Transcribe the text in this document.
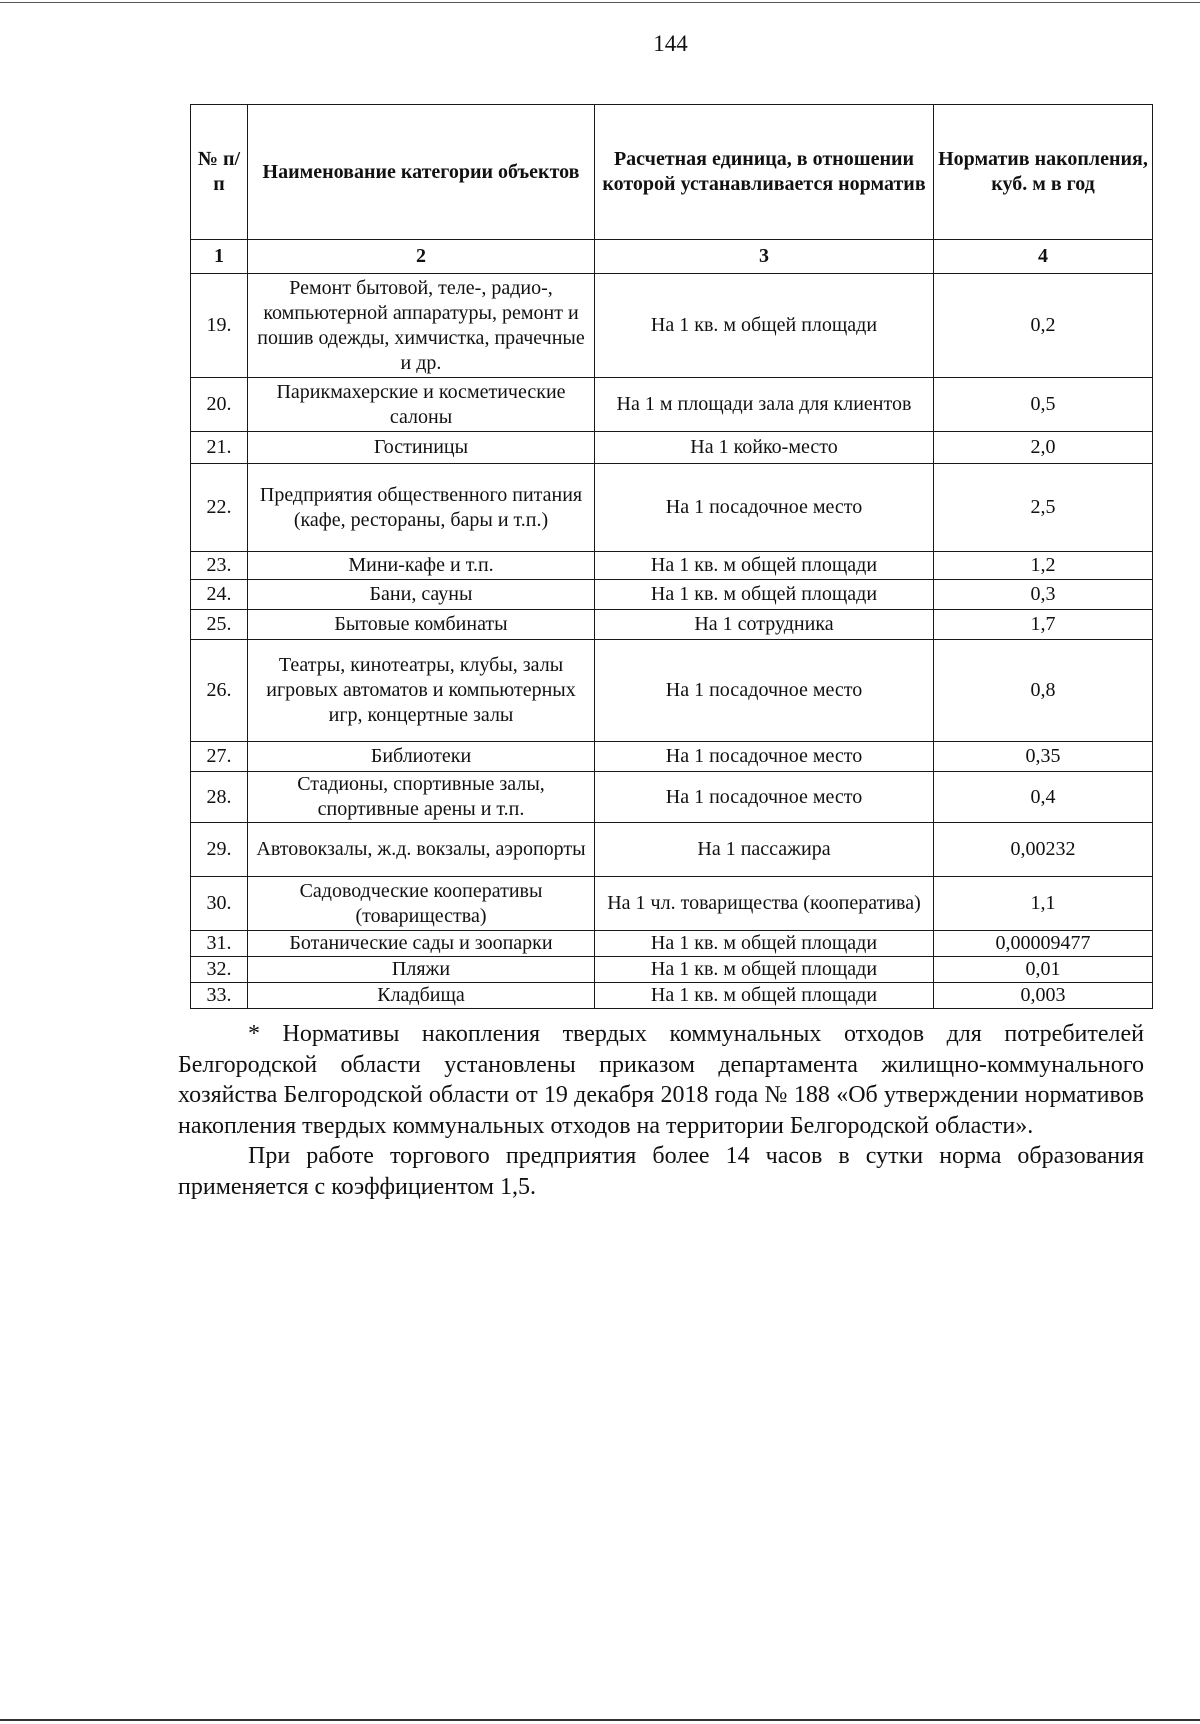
144
№ п/п	Наименование категории объектов	Расчетная единица, в отношении которой устанавливается норматив	Норматив накопления, куб. м в год
1	2	3	4
19.	Ремонт бытовой, теле-, радио-, компьютерной аппаратуры, ремонт и пошив одежды, химчистка, прачечные и др.	На 1 кв. м общей площади	0,2
20.	Парикмахерские и косметические салоны	На 1 м площади зала для клиентов	0,5
21.	Гостиницы	На 1 койко-место	2,0
22.	Предприятия общественного питания (кафе, рестораны, бары и т.п.)	На 1 посадочное место	2,5
23.	Мини-кафе и т.п.	На 1 кв. м общей площади	1,2
24.	Бани, сауны	На 1 кв. м общей площади	0,3
25.	Бытовые комбинаты	На 1 сотрудника	1,7
26.	Театры, кинотеатры, клубы, залы игровых автоматов и компьютерных игр, концертные залы	На 1 посадочное место	0,8
27.	Библиотеки	На 1 посадочное место	0,35
28.	Стадионы, спортивные залы, спортивные арены и т.п.	На 1 посадочное место	0,4
29.	Автовокзалы, ж.д. вокзалы, аэропорты	На 1 пассажира	0,00232
30.	Садоводческие кооперативы (товарищества)	На 1 чл. товарищества (кооператива)	1,1
31.	Ботанические сады и зоопарки	На 1 кв. м общей площади	0,00009477
32.	Пляжи	На 1 кв. м общей площади	0,01
33.	Кладбища	На 1 кв. м общей площади	0,003

* Нормативы накопления твердых коммунальных отходов для потребителей Белгородской области установлены приказом департамента жилищно-коммунального хозяйства Белгородской области от 19 декабря 2018 года № 188 «Об утверждении нормативов накопления твердых коммунальных отходов на территории Белгородской области».

При работе торгового предприятия более 14 часов в сутки норма образования применяется с коэффициентом 1,5.
